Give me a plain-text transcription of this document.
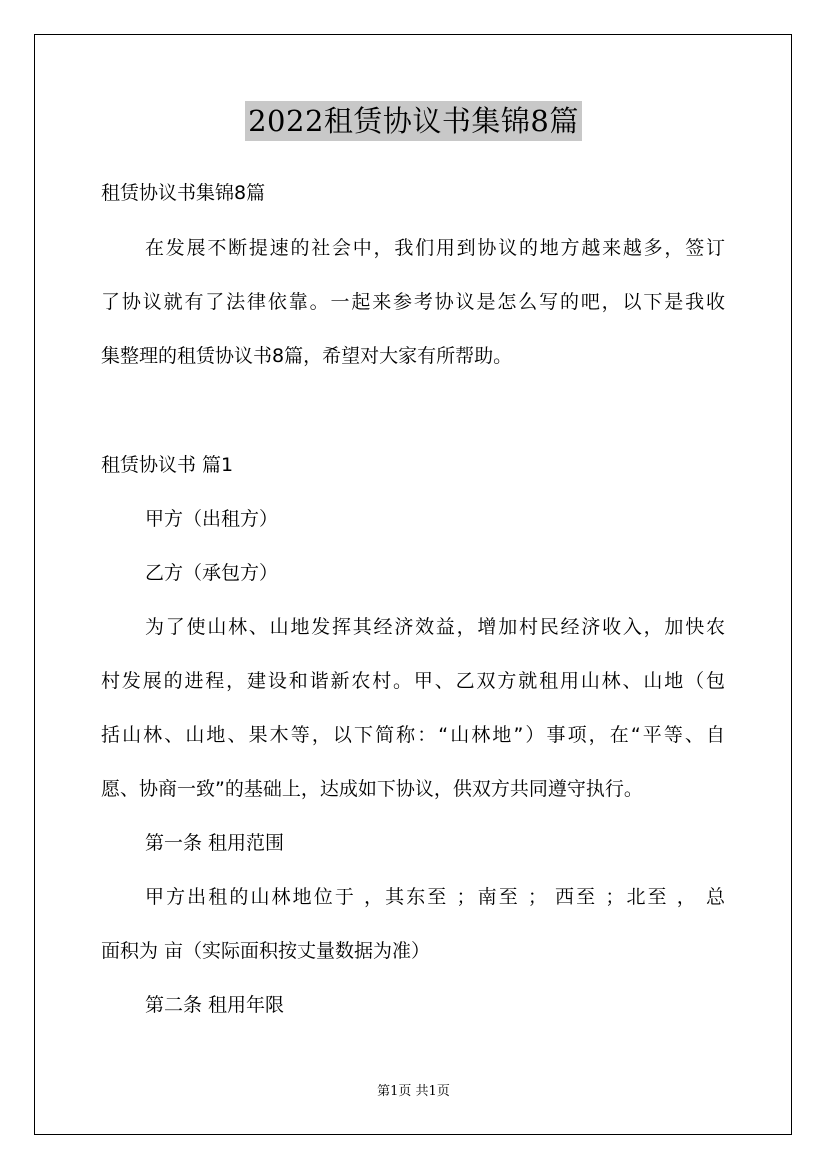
2022租赁协议书集锦8篇
租赁协议书集锦8篇
在发展不断提速的社会中，我们用到协议的地方越来越多，签订
了协议就有了法律依靠。一起来参考协议是怎么写的吧，以下是我收
集整理的租赁协议书8篇，希望对大家有所帮助。
租赁协议书 篇1
甲方（出租方）
乙方（承包方）
为了使山林、山地发挥其经济效益，增加村民经济收入，加快农
村发展的进程，建设和谐新农村。甲、乙双方就租用山林、山地（包
括山林、山地、果木等，以下简称：“山林地”）事项，在“平等、自
愿、协商一致”的基础上，达成如下协议，供双方共同遵守执行。
第一条 租用范围
甲方出租的山林地位于 ，其东至 ；南至 ； 西至 ；北至 ， 总
面积为 亩（实际面积按丈量数据为准）
第二条 租用年限
第1页 共1页
